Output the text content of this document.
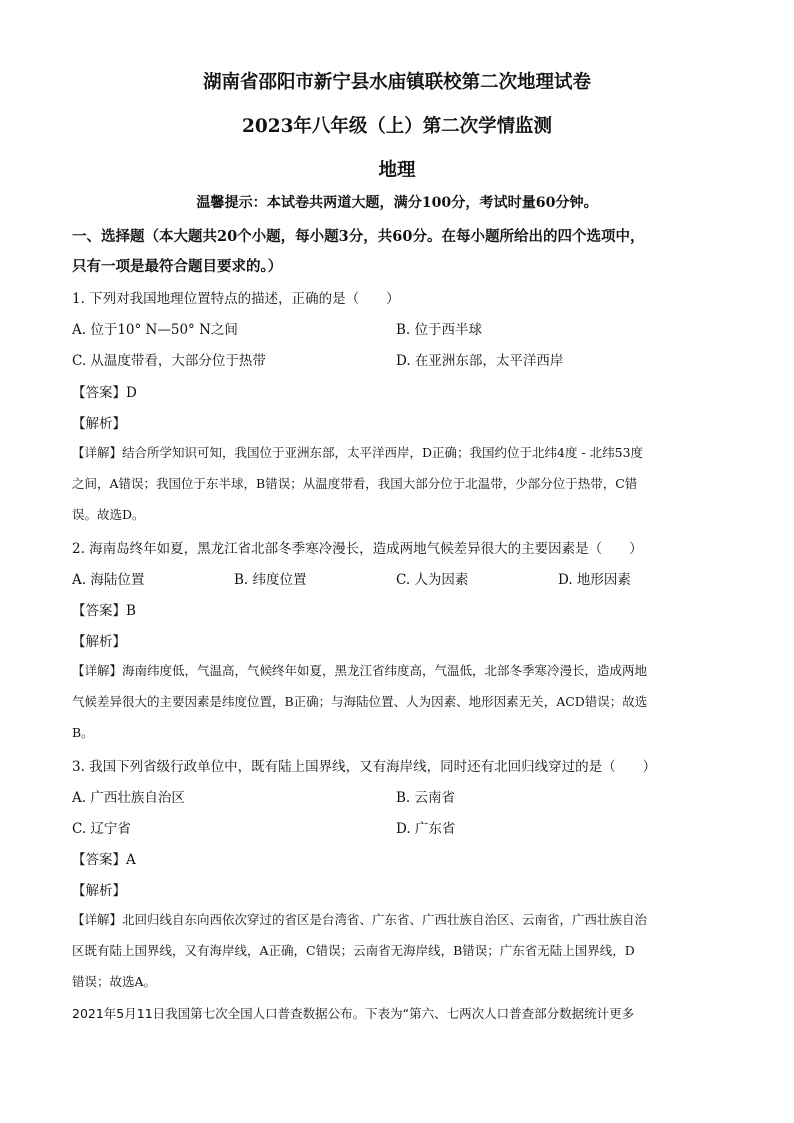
湖南省邵阳市新宁县水庙镇联校第二次地理试卷
2023年八年级（上）第二次学情监测
地理
温馨提示：本试卷共两道大题，满分100分，考试时量60分钟。
一、选择题（本大题共20个小题，每小题3分，共60分。在每小题所给出的四个选项中，
只有一项是最符合题目要求的。）
1. 下列对我国地理位置特点的描述，正确的是（　　）
A. 位于10° N—50° N之间	B. 位于西半球
C. 从温度带看，大部分位于热带	D. 在亚洲东部，太平洋西岸
【答案】D
【解析】
【详解】结合所学知识可知，我国位于亚洲东部，太平洋西岸，D正确；我国约位于北纬4度 - 北纬53度
之间，A错误；我国位于东半球，B错误；从温度带看，我国大部分位于北温带，少部分位于热带，C错
误。故选D。
2. 海南岛终年如夏，黑龙江省北部冬季寒冷漫长，造成两地气候差异很大的主要因素是（　　）
A. 海陆位置	B. 纬度位置	C. 人为因素	D. 地形因素
【答案】B
【解析】
【详解】海南纬度低，气温高，气候终年如夏，黑龙江省纬度高，气温低，北部冬季寒冷漫长，造成两地
气候差异很大的主要因素是纬度位置，B正确；与海陆位置、人为因素、地形因素无关，ACD错误；故选
B。
3. 我国下列省级行政单位中，既有陆上国界线，又有海岸线，同时还有北回归线穿过的是（　　）
A. 广西壮族自治区	B. 云南省
C. 辽宁省	D. 广东省
【答案】A
【解析】
【详解】北回归线自东向西依次穿过的省区是台湾省、广东省、广西壮族自治区、云南省，广西壮族自治
区既有陆上国界线，又有海岸线，A正确，C错误；云南省无海岸线，B错误；广东省无陆上国界线，D
错误；故选A。
2021年5月11日我国第七次全国人口普查数据公布。下表为“第六、七两次人口普查部分数据统计更多
